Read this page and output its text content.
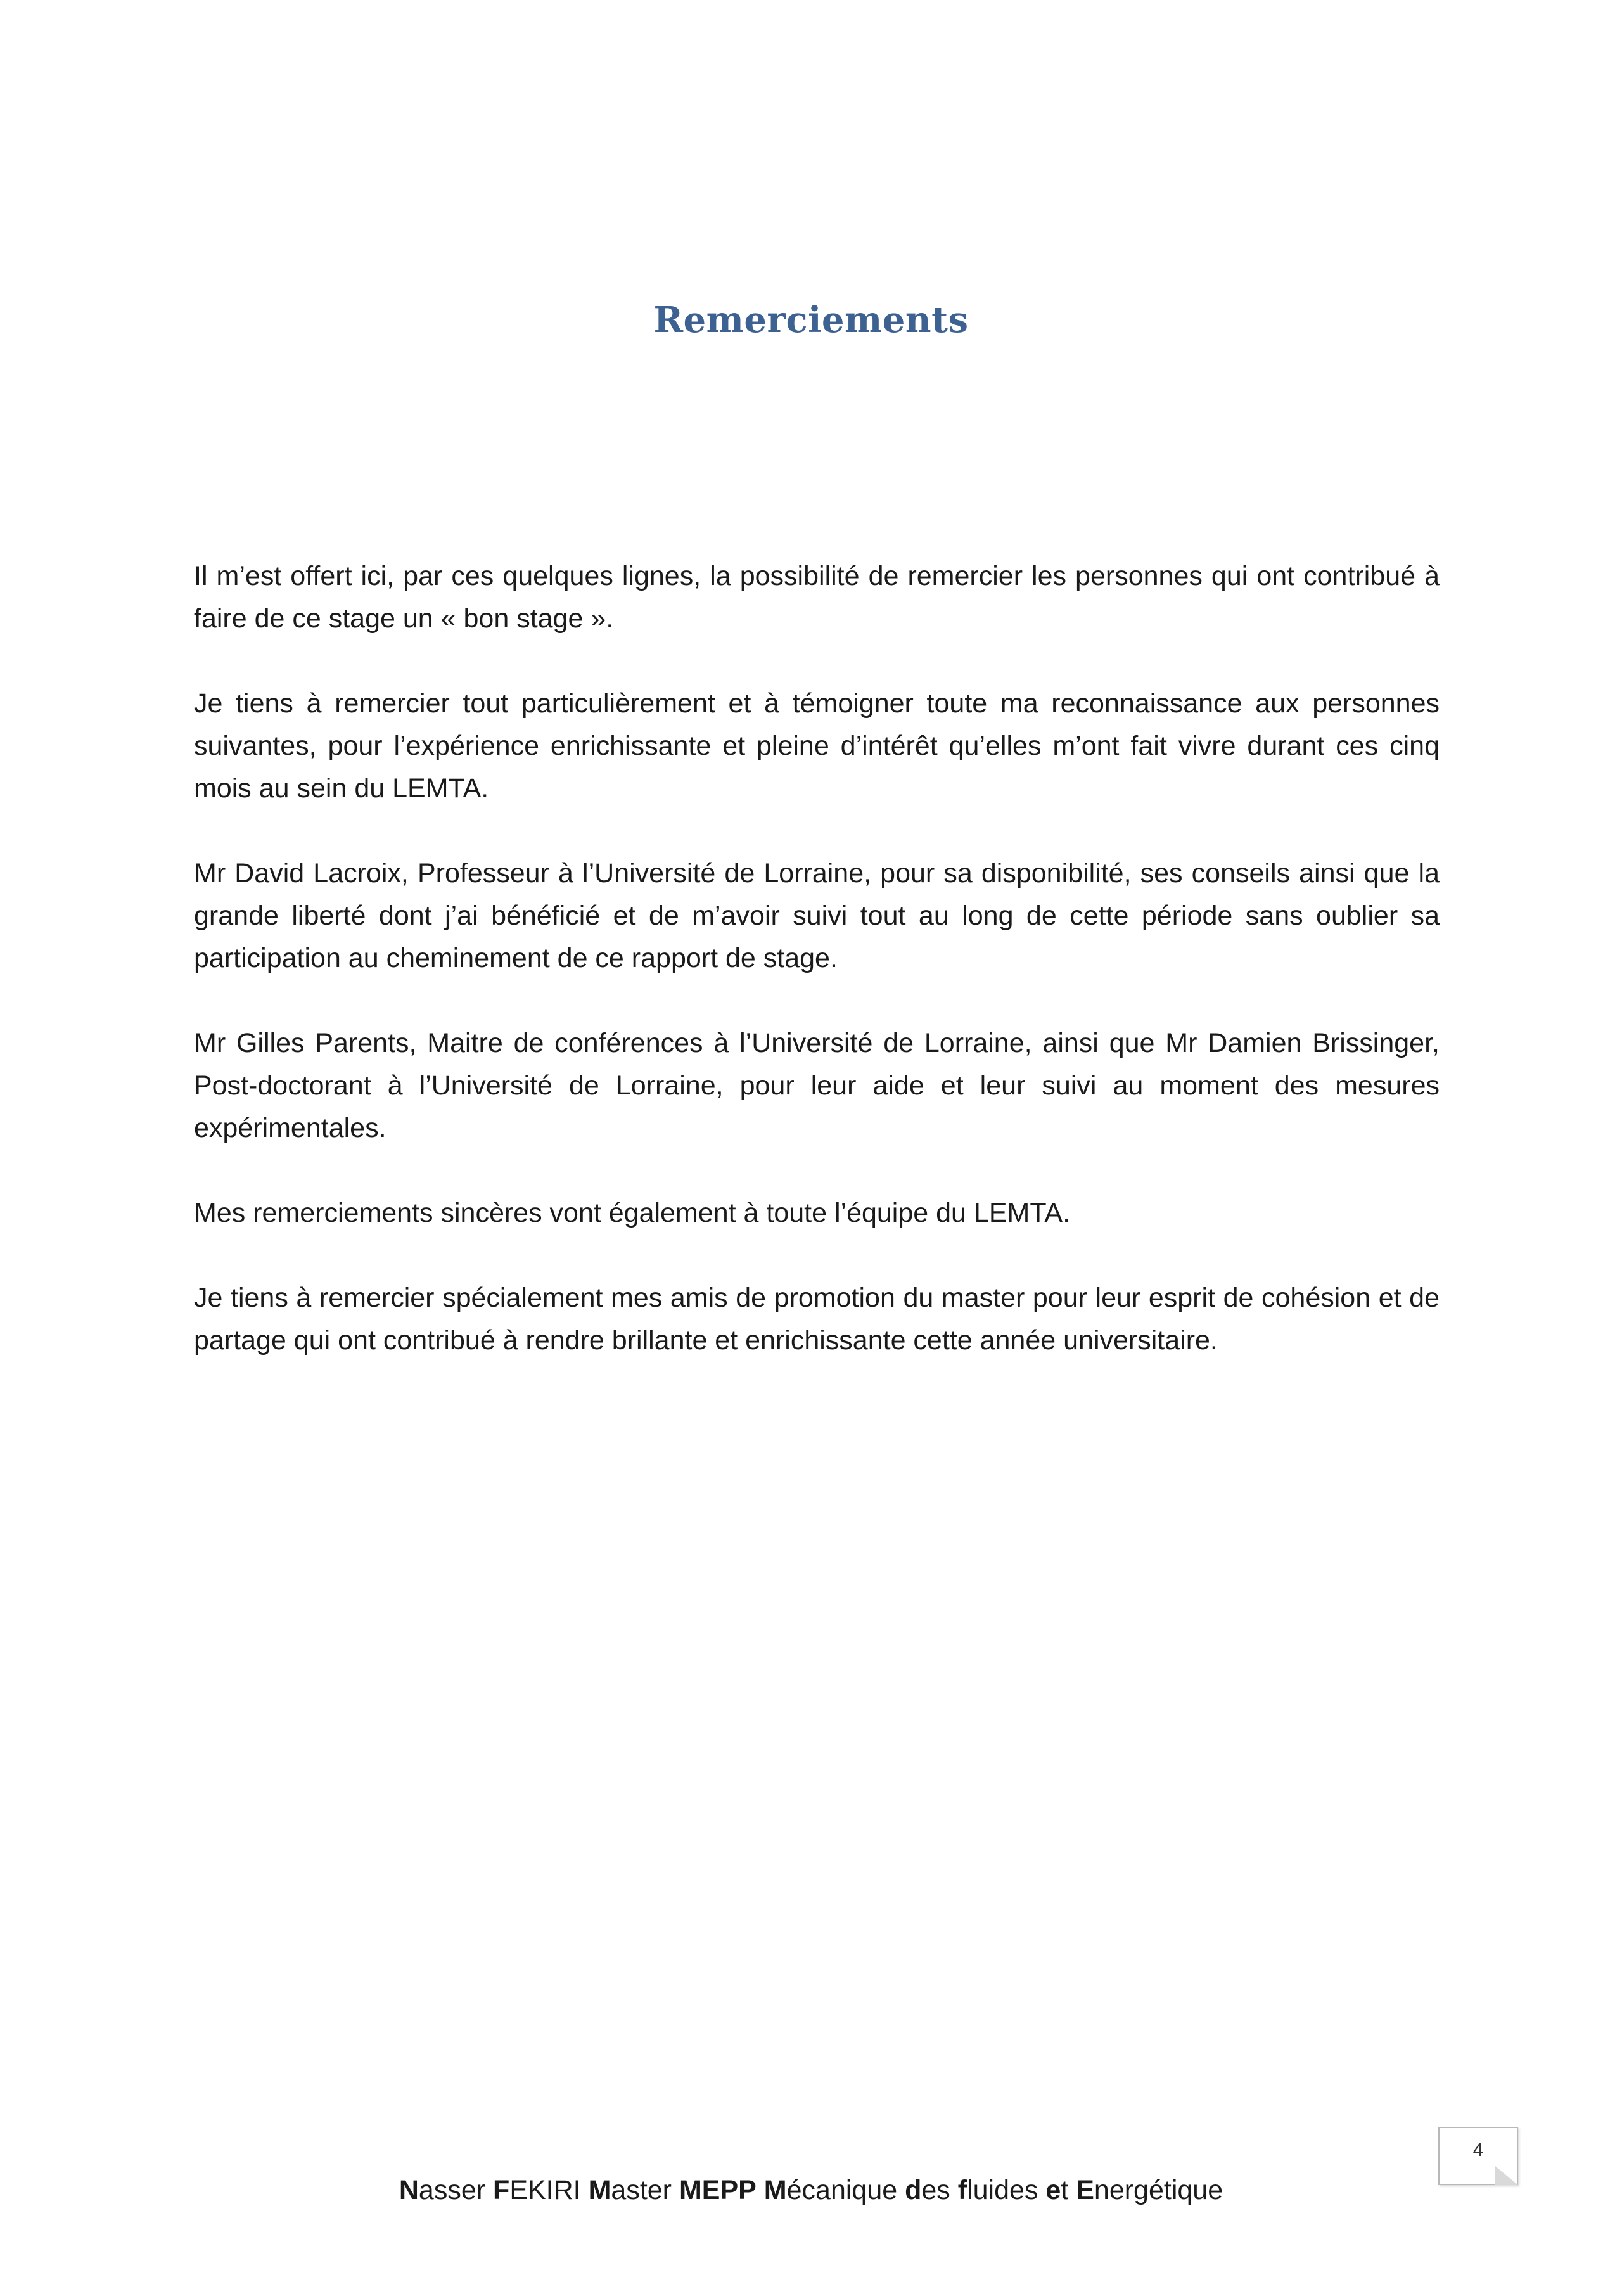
Remerciements

Il m’est offert ici, par ces quelques lignes, la possibilité de remercier les personnes qui ont contribué à faire de ce stage un « bon stage ».

Je tiens à remercier tout particulièrement et à témoigner toute ma reconnaissance aux personnes suivantes, pour l’expérience enrichissante et pleine d’intérêt qu’elles m’ont fait vivre durant ces cinq mois au sein du LEMTA.

Mr David Lacroix, Professeur à l’Université de Lorraine, pour sa disponibilité, ses conseils ainsi que la grande liberté dont j’ai bénéficié et de m’avoir suivi tout au long de cette période sans oublier sa participation au cheminement de ce rapport de stage.

Mr Gilles Parents, Maitre de conférences à l’Université de Lorraine, ainsi que Mr Damien Brissinger, Post-doctorant à l’Université de Lorraine, pour leur aide et leur suivi au moment des mesures expérimentales.

Mes remerciements sincères vont également à toute l’équipe du LEMTA.

Je tiens à remercier spécialement mes amis de promotion du master pour leur esprit de cohésion et de partage qui ont contribué à rendre brillante et enrichissante cette année universitaire.

4
Nasser FEKIRI Master MEPP Mécanique des fluides et Energétique
